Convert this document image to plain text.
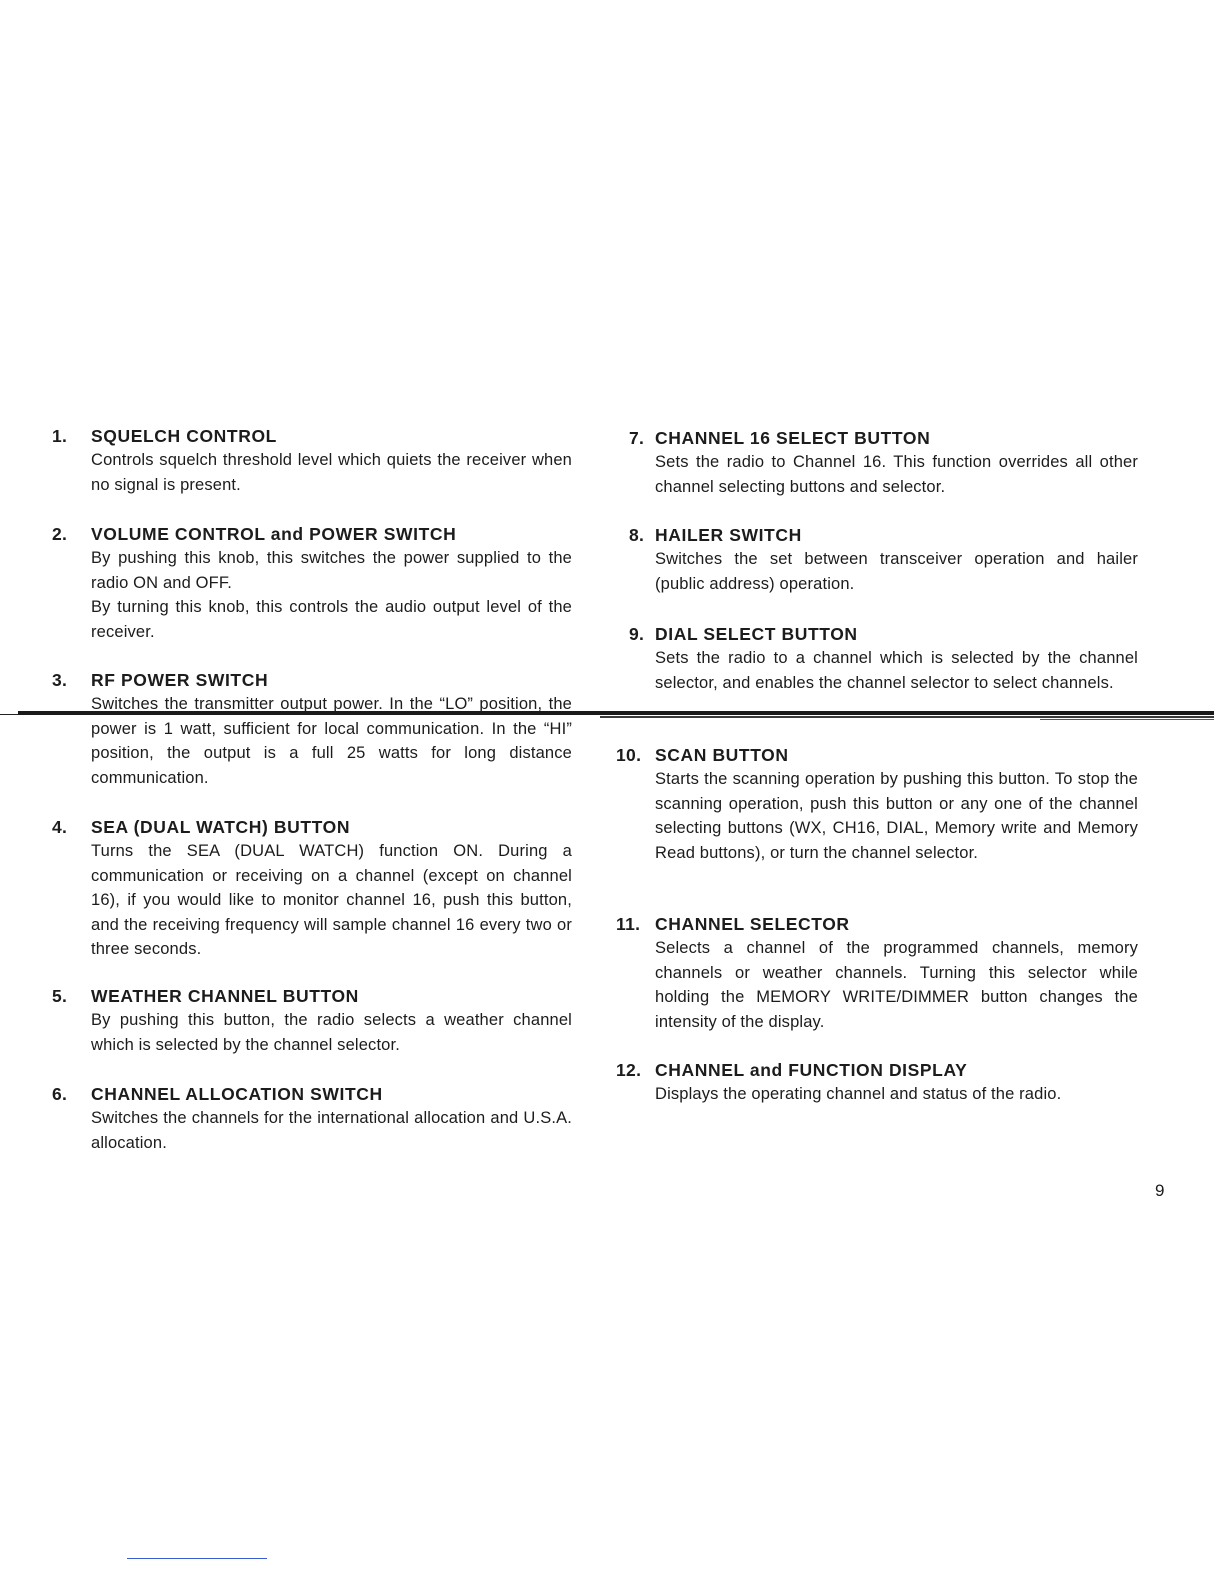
1. SQUELCH CONTROL

Controls squelch threshold level which quiets the receiver when no signal is present.

2. VOLUME CONTROL and POWER SWITCH

By pushing this knob, this switches the power supplied to the radio ON and OFF.

By turning this knob, this controls the audio output level of the receiver.

3. RF POWER SWITCH

Switches the transmitter output power. In the “LO” position, the power is 1 watt, sufficient for local communication. In the “HI” position, the output is a full 25 watts for long distance communication.

4. SEA (DUAL WATCH) BUTTON

Turns the SEA (DUAL WATCH) function ON. During a communication or receiving on a channel (except on channel 16), if you would like to monitor channel 16, push this button, and the receiving frequency will sample channel 16 every two or three seconds.

5. WEATHER CHANNEL BUTTON

By pushing this button, the radio selects a weather channel which is selected by the channel selector.

6. CHANNEL ALLOCATION SWITCH

Switches the channels for the international allocation and U.S.A. allocation.

7. CHANNEL 16 SELECT BUTTON

Sets the radio to Channel 16. This function overrides all other channel selecting buttons and selector.

8. HAILER SWITCH

Switches the set between transceiver operation and hailer (public address) operation.

9. DIAL SELECT BUTTON

Sets the radio to a channel which is selected by the channel selector, and enables the channel selector to select channels.

10. SCAN BUTTON

Starts the scanning operation by pushing this button. To stop the scanning operation, push this button or any one of the channel selecting buttons (WX, CH16, DIAL, Memory write and Memory Read buttons), or turn the channel selector.

11. CHANNEL SELECTOR

Selects a channel of the programmed channels, memory channels or weather channels. Turning this selector while holding the MEMORY WRITE/DIMMER button changes the intensity of the display.

12. CHANNEL and FUNCTION DISPLAY

Displays the operating channel and status of the radio.

9
